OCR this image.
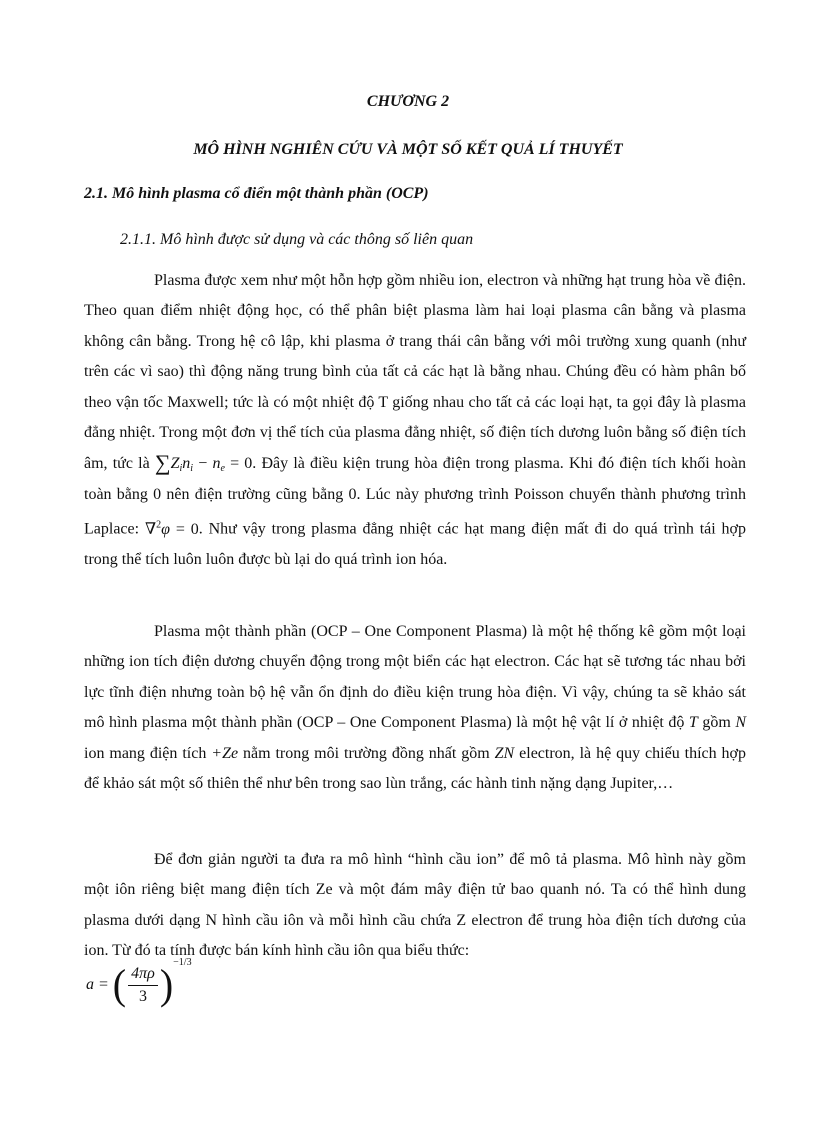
CHƯƠNG 2
MÔ HÌNH NGHIÊN CỨU VÀ MỘT SỐ KẾT QUẢ LÍ THUYẾT
2.1. Mô hình plasma cổ điển một thành phần (OCP)
2.1.1. Mô hình được sử dụng và các thông số liên quan

Plasma được xem như một hỗn hợp gồm nhiều ion, electron và những hạt trung hòa về điện. Theo quan điểm nhiệt động học, có thể phân biệt plasma làm hai loại plasma cân bằng và plasma không cân bằng. Trong hệ cô lập, khi plasma ở trang thái cân bằng với môi trường xung quanh (như trên các vì sao) thì động năng trung bình của tất cả các hạt là bằng nhau. Chúng đều có hàm phân bố theo vận tốc Maxwell; tức là có một nhiệt độ T giống nhau cho tất cả các loại hạt, ta gọi đây là plasma đẳng nhiệt. Trong một đơn vị thể tích của plasma đẳng nhiệt, số điện tích dương luôn bằng số điện tích âm, tức là $\sum Z_in_i - n_e = 0$. Đây là điều kiện trung hòa điện trong plasma. Khi đó điện tích khối hoàn toàn bằng 0 nên điện trường cũng bằng 0. Lúc này phương trình Poisson chuyển thành phương trình Laplace: ∇$^2$φ = 0. Như vậy trong plasma đẳng nhiệt các hạt mang điện mất đi do quá trình tái hợp trong thể tích luôn luôn được bù lại do quá trình ion hóa.

Plasma một thành phần (OCP – One Component Plasma) là một hệ thống kê gồm một loại những ion tích điện dương chuyển động trong một biển các hạt electron. Các hạt sẽ tương tác nhau bởi lực tĩnh điện nhưng toàn bộ hệ vẫn ổn định do điều kiện trung hòa điện. Vì vậy, chúng ta sẽ khảo sát mô hình plasma một thành phần (OCP – One Component Plasma) là một hệ vật lí ở nhiệt độ T gồm N ion mang điện tích +Ze nằm trong môi trường đồng nhất gồm ZN electron, là hệ quy chiếu thích hợp để khảo sát một số thiên thể như bên trong sao lùn trắng, các hành tinh nặng dạng Jupiter,…

Để đơn giản người ta đưa ra mô hình “hình cầu ion” để mô tả plasma. Mô hình này gồm một iôn riêng biệt mang điện tích Ze và một đám mây điện tử bao quanh nó. Ta có thể hình dung plasma dưới dạng N hình cầu iôn và mỗi hình cầu chứa Z electron để trung hòa điện tích dương của ion. Từ đó ta tính được bán kính hình cầu iôn qua biểu thức:

a = ( $\frac{4\pi\rho}{3}$ ) −1/3
